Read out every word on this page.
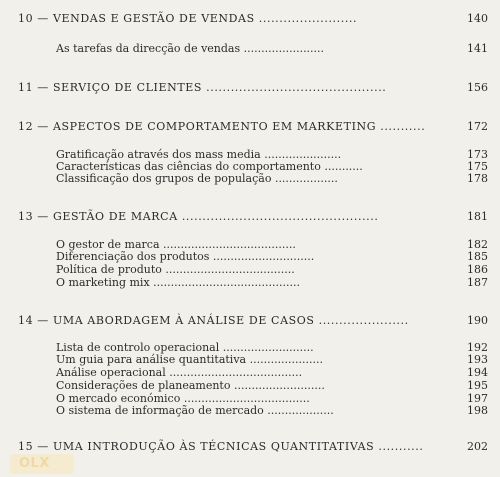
10 — VENDAS E GESTÃO DE VENDAS ........................	140
As tarefas da direcção de vendas .......................	141
11 — SERVIÇO DE CLIENTES ............................................	156
12 — ASPECTOS DE COMPORTAMENTO EM MARKETING ...........	172
Gratificação através dos mass media ......................	173
Características das ciências do comportamento ...........	175
Classificação dos grupos de população ..................	178
13 — GESTÃO DE MARCA ................................................	181
O gestor de marca ......................................	182
Diferenciação dos produtos .............................	185
Política de produto .....................................	186
O marketing mix ..........................................	187
14 — UMA ABORDAGEM À ANÁLISE DE CASOS ......................	190
Lista de controlo operacional ..........................	192
Um guia para análise quantitativa .....................	193
Análise operacional ......................................	194
Considerações de planeamento ..........................	195
O mercado económico ....................................	197
O sistema de informação de mercado ...................	198
15 — UMA INTRODUÇÃO ÀS TÉCNICAS QUANTITATIVAS ...........	202
OLX
